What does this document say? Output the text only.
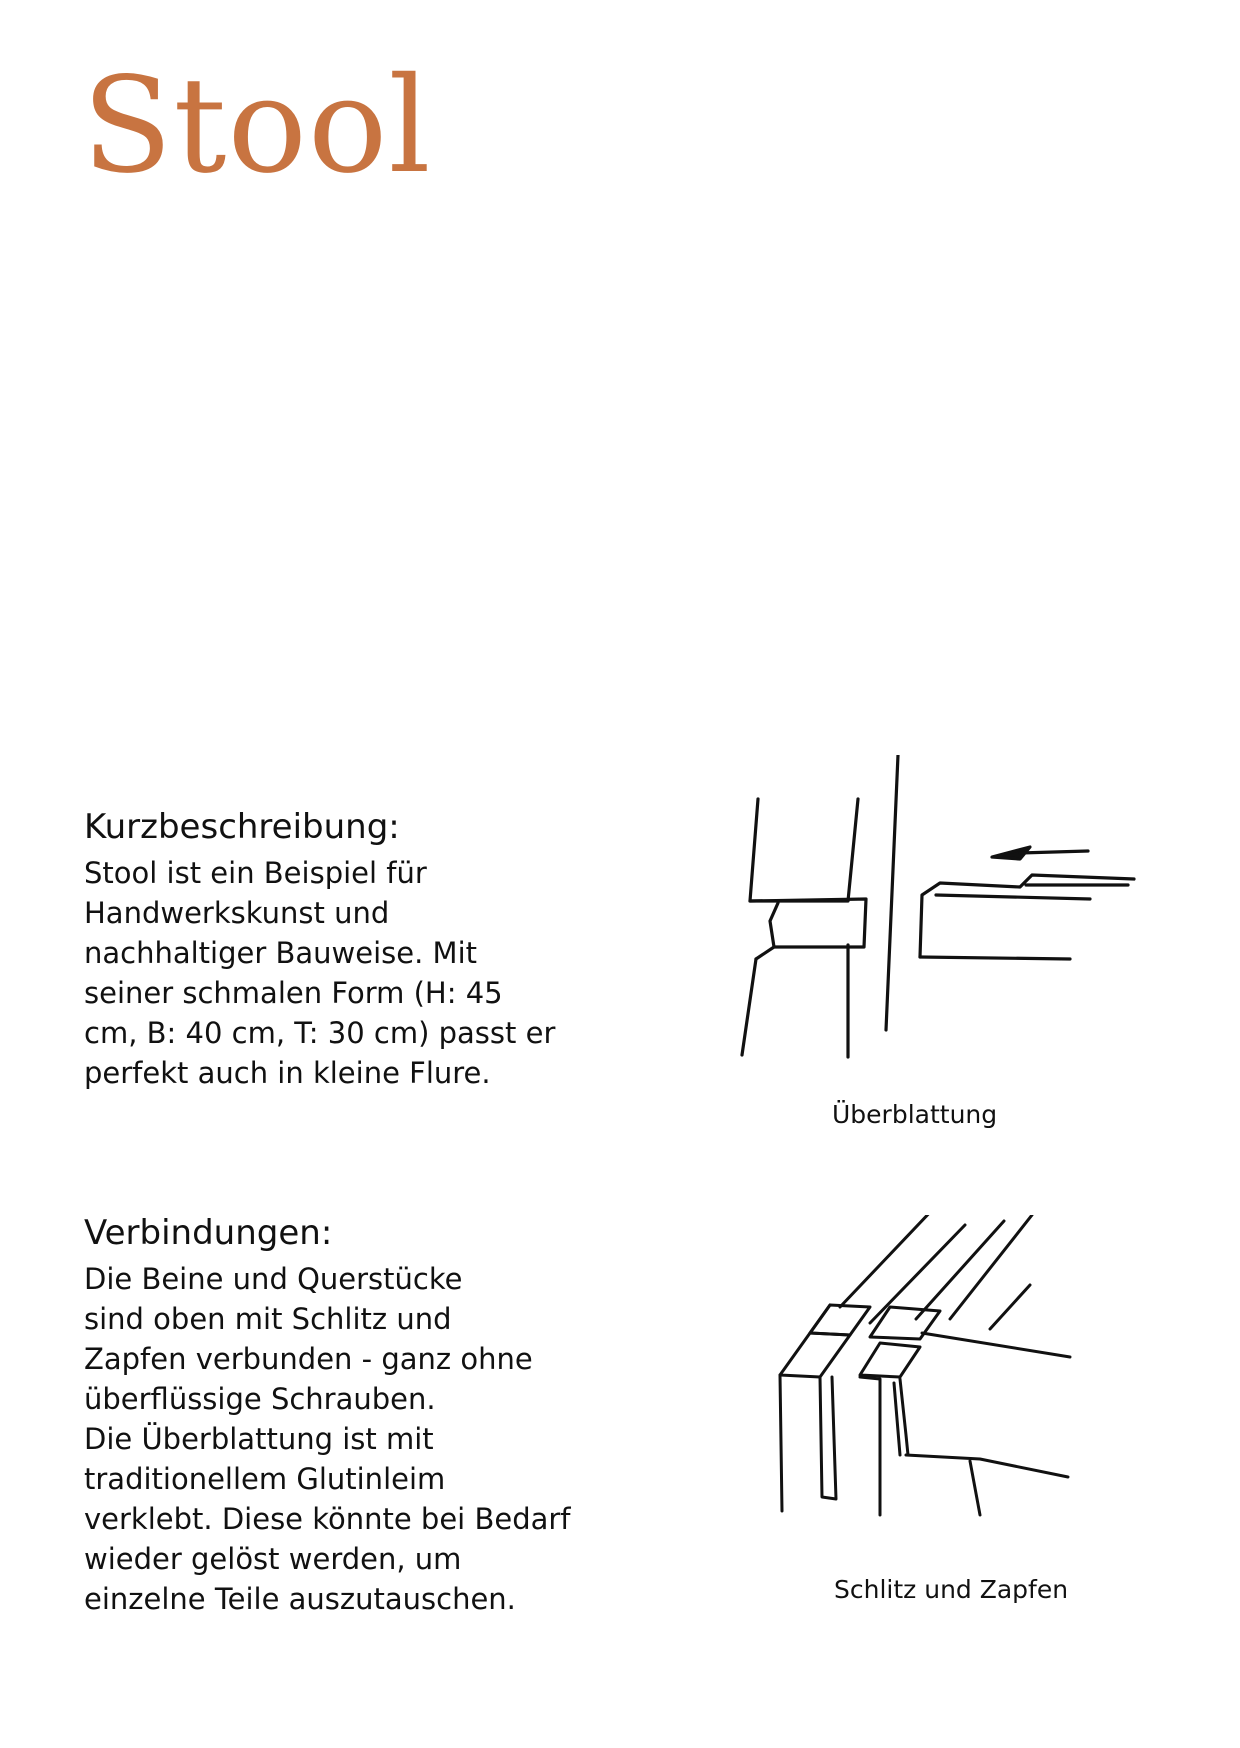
Stool
Kurzbeschreibung:

Stool ist ein Beispiel für
Handwerkskunst und
nachhaltiger Bauweise. Mit
seiner schmalen Form (H: 45
cm, B: 40 cm, T: 30 cm) passt er
perfekt auch in kleine Flure.

Verbindungen:

Die Beine und Querstücke
sind oben mit Schlitz und
Zapfen verbunden - ganz ohne
überflüssige Schrauben.
Die Überblattung ist mit
traditionellem Glutinleim
verklebt. Diese könnte bei Bedarf
wieder gelöst werden, um
einzelne Teile auszutauschen.

Überblattung
Schlitz und Zapfen
